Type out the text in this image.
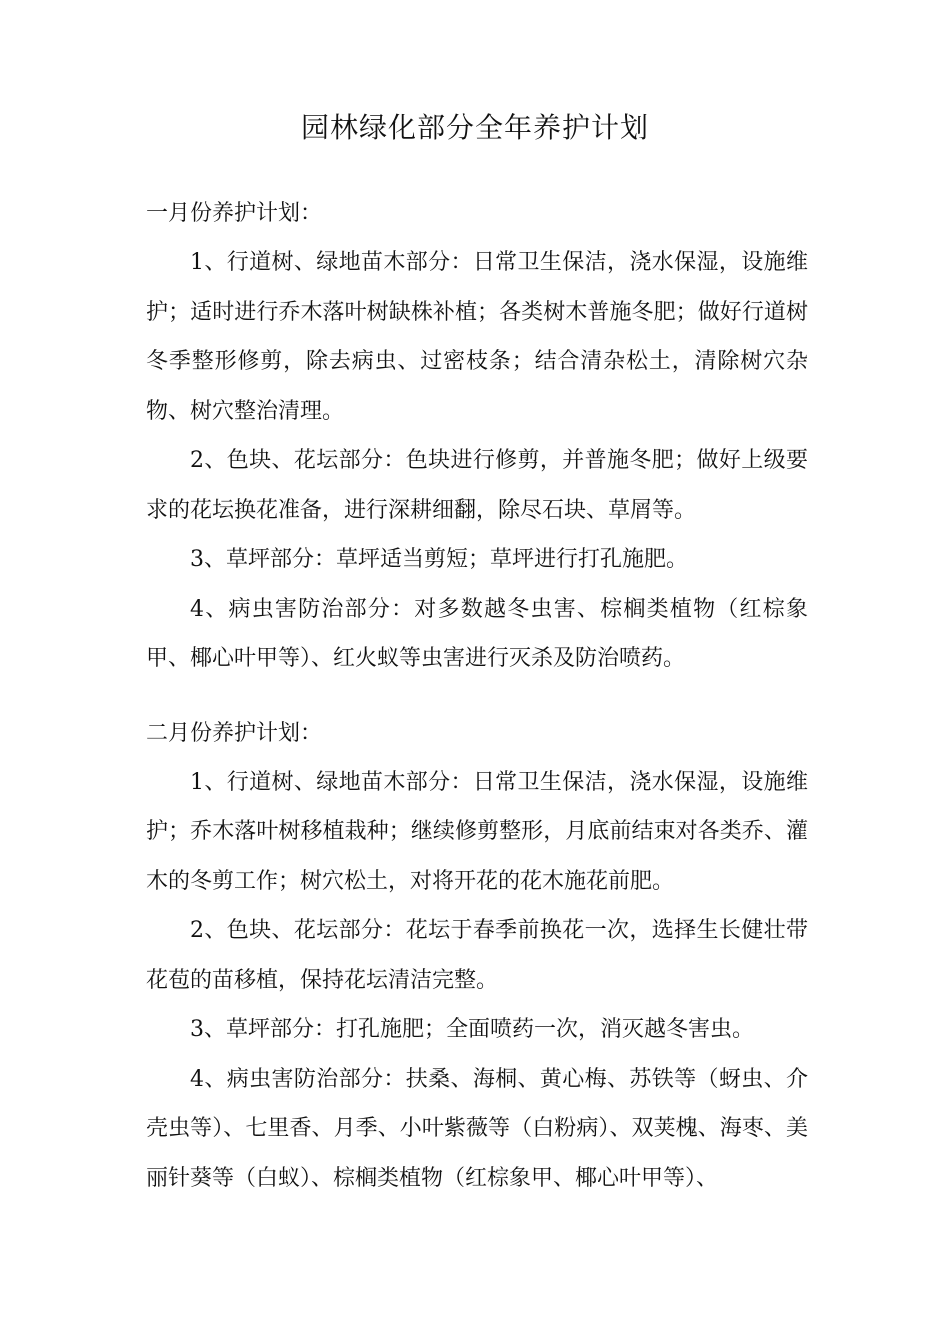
园林绿化部分全年养护计划

一月份养护计划：

1、行道树、绿地苗木部分：日常卫生保洁，浇水保湿，设施维护；适时进行乔木落叶树缺株补植；各类树木普施冬肥；做好行道树冬季整形修剪，除去病虫、过密枝条；结合清杂松土，清除树穴杂物、树穴整治清理。

2、色块、花坛部分：色块进行修剪，并普施冬肥；做好上级要求的花坛换花准备，进行深耕细翻，除尽石块、草屑等。

3、草坪部分：草坪适当剪短；草坪进行打孔施肥。

4、病虫害防治部分：对多数越冬虫害、棕榈类植物（红棕象甲、椰心叶甲等）、红火蚁等虫害进行灭杀及防治喷药。

二月份养护计划：

1、行道树、绿地苗木部分：日常卫生保洁，浇水保湿，设施维护；乔木落叶树移植栽种；继续修剪整形，月底前结束对各类乔、灌木的冬剪工作；树穴松土，对将开花的花木施花前肥。

2、色块、花坛部分：花坛于春季前换花一次，选择生长健壮带花苞的苗移植，保持花坛清洁完整。

3、草坪部分：打孔施肥；全面喷药一次，消灭越冬害虫。

4、病虫害防治部分：扶桑、海桐、黄心梅、苏铁等（蚜虫、介壳虫等）、七里香、月季、小叶紫薇等（白粉病）、双荚槐、海枣、美丽针葵等（白蚁）、棕榈类植物（红棕象甲、椰心叶甲等）、
